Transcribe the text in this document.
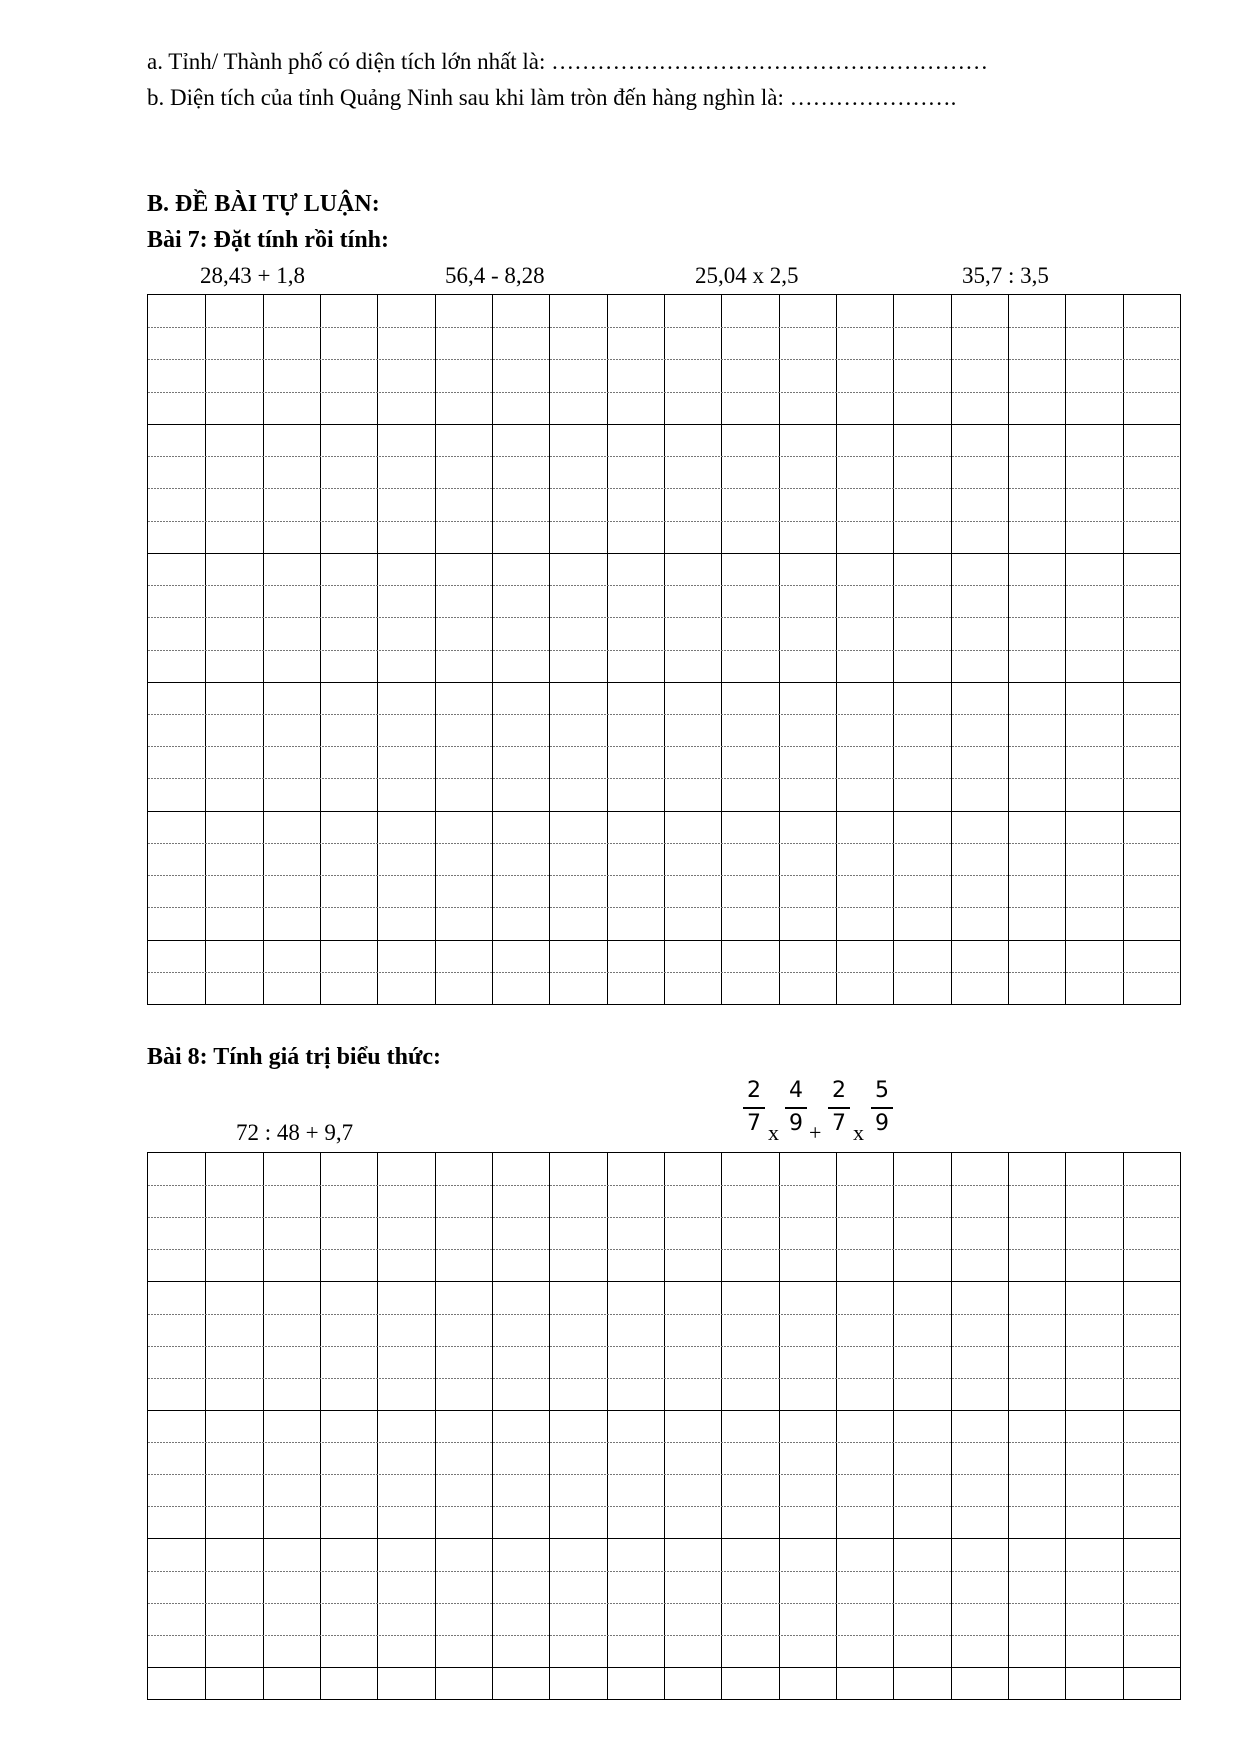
a. Tỉnh/ Thành phố có diện tích lớn nhất là: …………………………………………………
b. Diện tích của tỉnh Quảng Ninh sau khi làm tròn đến hàng nghìn là: ………………….
B. ĐỀ BÀI TỰ LUẬN:
Bài 7: Đặt tính rồi tính:
28,43 + 1,8	56,4 - 8,28	25,04 x 2,5	35,7 : 3,5
Bài 8: Tính giá trị biểu thức:
72 : 48 + 9,7	$\frac{2}{7}$ x $\frac{4}{9} + \frac{2}{7}$ x $\frac{5}{9}$
